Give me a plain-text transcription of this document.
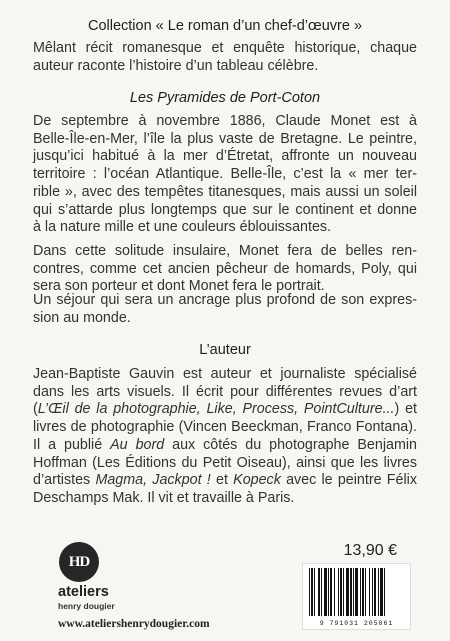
Collection « Le roman d’un chef-d’œuvre »

Mêlant récit romanesque et enquête historique, chaque
auteur raconte l’histoire d’un tableau célèbre.

Les Pyramides de Port-Coton

De septembre à novembre 1886, Claude Monet est à
Belle-Île-en-Mer, l’île la plus vaste de Bretagne. Le peintre,
jusqu’ici habitué à la mer d’Étretat, affronte un nouveau
territoire : l’océan Atlantique. Belle-Île, c’est la « mer ter-
rible », avec des tempêtes titanesques, mais aussi un soleil
qui s’attarde plus longtemps que sur le continent et donne
à la nature mille et une couleurs éblouissantes.

Dans cette solitude insulaire, Monet fera de belles ren-
contres, comme cet ancien pêcheur de homards, Poly, qui
sera son porteur et dont Monet fera le portrait.

Un séjour qui sera un ancrage plus profond de son expres-
sion au monde.

L’auteur

Jean-Baptiste Gauvin est auteur et journaliste spécialisé
dans les arts visuels. Il écrit pour différentes revues d’art
(L’Œil de la photographie, Like, Process, PointCulture...) et
livres de photographie (Vincen Beeckman, Franco Fontana).
Il a publié Au bord aux côtés du photographe Benjamin
Hoffman (Les Éditions du Petit Oiseau), ainsi que les livres
d’artistes Magma, Jackpot ! et Kopeck avec le peintre Félix
Deschamps Mak. Il vit et travaille à Paris.

HD

ateliers

henry dougier

www.ateliershenrydougier.com

13,90 €

9 791031 205861
